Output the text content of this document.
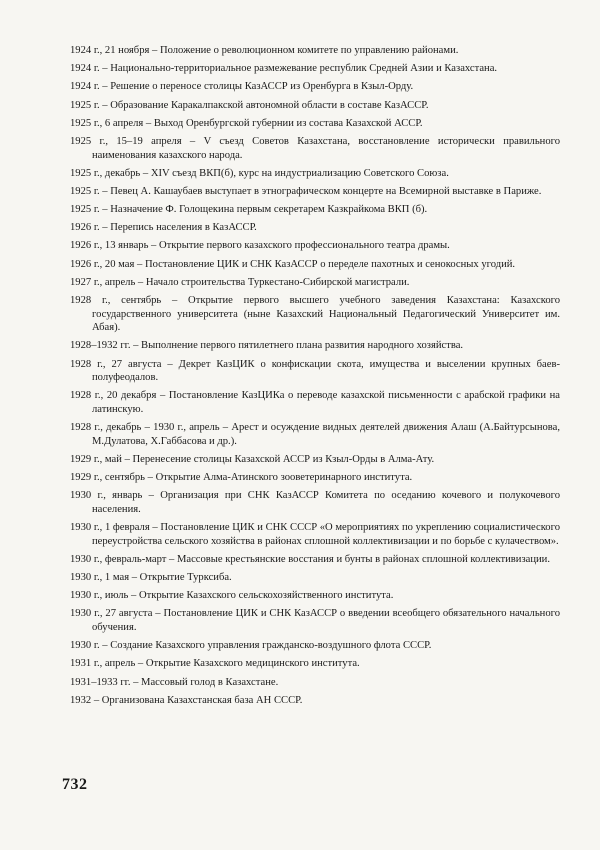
1924 г., 21 ноября – Положение о революционном комитете по управлению районами.
1924 г. – Национально-территориальное размежевание республик Средней Азии и Казахстана.
1924 г. – Решение о переносе столицы КазАССР из Оренбурга в Кзыл-Орду.
1925 г. – Образование Каракалпакской автономной области в составе КазАССР.
1925 г., 6 апреля – Выход Оренбургской губернии из состава Казахской АССР.
1925 г., 15–19 апреля – V съезд Советов Казахстана, восстановление исторически правильного наименования казахского народа.
1925 г., декабрь – XIV съезд ВКП(б), курс на индустриализацию Советского Союза.
1925 г. – Певец А. Кашаубаев выступает в этнографическом концерте на Всемирной выставке в Париже.
1925 г. – Назначение Ф. Голощекина первым секретарем Казкрайкома ВКП (б).
1926 г. – Перепись населения в КазАССР.
1926 г., 13 январь – Открытие первого казахского профессионального театра драмы.
1926 г., 20 мая – Постановление ЦИК и СНК КазАССР о переделе пахотных и сенокосных угодий.
1927 г., апрель – Начало строительства Туркестано-Сибирской магистрали.
1928 г., сентябрь – Открытие первого высшего учебного заведения Казахстана: Казахского государственного университета (ныне Казахский Национальный Педагогический Университет им. Абая).
1928–1932 гг. – Выполнение первого пятилетнего плана развития народного хозяйства.
1928 г., 27 августа – Декрет КазЦИК о конфискации скота, имущества и выселении крупных баев-полуфеодалов.
1928 г., 20 декабря – Постановление КазЦИКа о переводе казахской письменности с арабской графики на латинскую.
1928 г., декабрь – 1930 г., апрель – Арест и осуждение видных деятелей движения Алаш (А.Байтурсынова, М.Дулатова, Х.Габбасова и др.).
1929 г., май – Перенесение столицы Казахской АССР из Кзыл-Орды в Алма-Ату.
1929 г., сентябрь – Открытие Алма-Атинского зооветеринарного института.
1930 г., январь – Организация при СНК КазАССР Комитета по оседанию кочевого и полукочевого населения.
1930 г., 1 февраля – Постановление ЦИК и СНК СССР «О мероприятиях по укреплению социалистического переустройства сельского хозяйства в районах сплошной коллективизации и по борьбе с кулачеством».
1930 г., февраль-март – Массовые крестьянские восстания и бунты в районах сплошной коллективизации.
1930 г., 1 мая – Открытие Турксиба.
1930 г., июль – Открытие Казахского сельскохозяйственного института.
1930 г., 27 августа – Постановление ЦИК и СНК КазАССР о введении всеобщего обязательного начального обучения.
1930 г. – Создание Казахского управления гражданско-воздушного флота СССР.
1931 г., апрель – Открытие Казахского медицинского института.
1931–1933 гг. – Массовый голод в Казахстане.
1932 – Организована Казахстанская база АН СССР.
732
